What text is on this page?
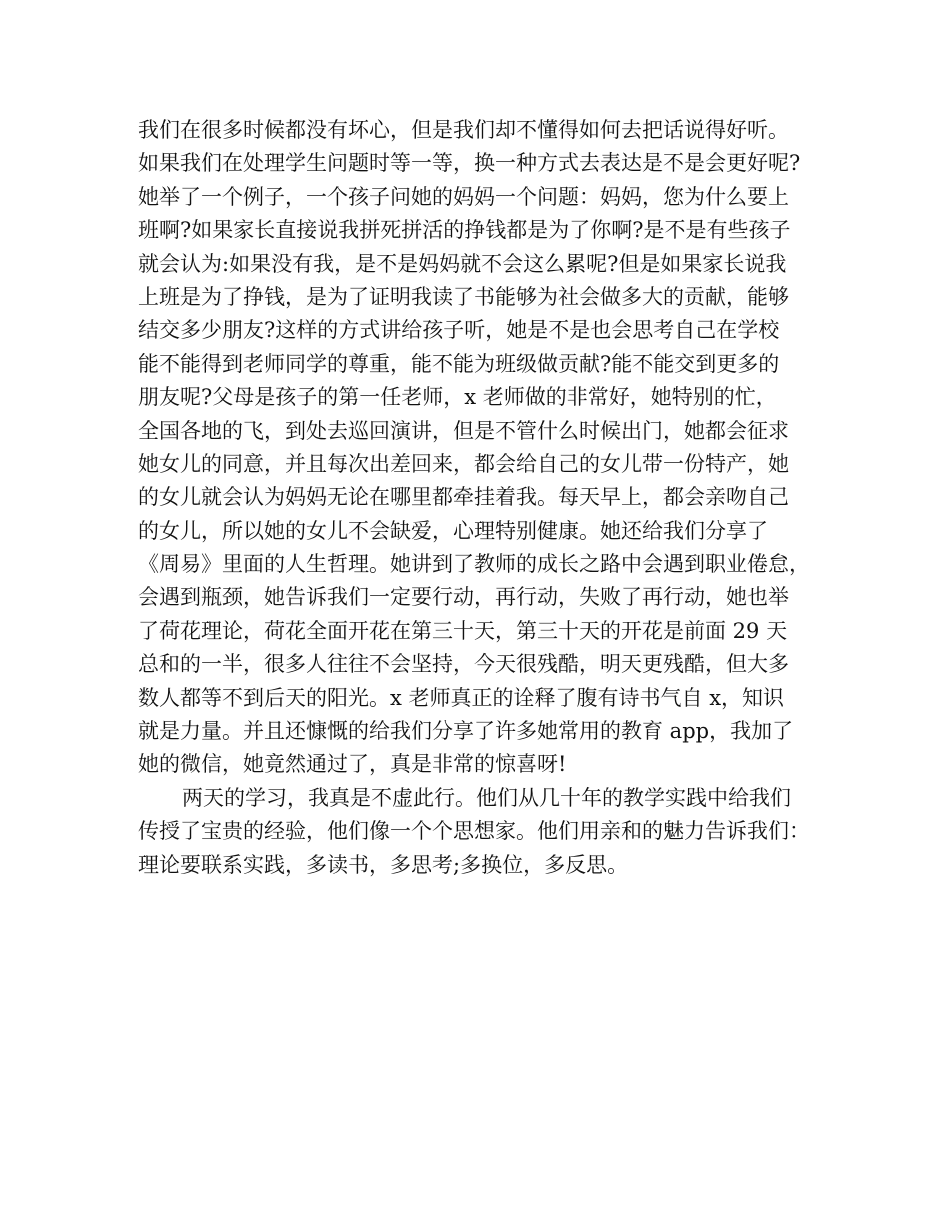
我们在很多时候都没有坏心，但是我们却不懂得如何去把话说得好听。
如果我们在处理学生问题时等一等，换一种方式去表达是不是会更好呢?
她举了一个例子，一个孩子问她的妈妈一个问题：妈妈，您为什么要上
班啊?如果家长直接说我拼死拼活的挣钱都是为了你啊?是不是有些孩子
就会认为:如果没有我，是不是妈妈就不会这么累呢?但是如果家长说我
上班是为了挣钱，是为了证明我读了书能够为社会做多大的贡献，能够
结交多少朋友?这样的方式讲给孩子听，她是不是也会思考自己在学校
能不能得到老师同学的尊重，能不能为班级做贡献?能不能交到更多的
朋友呢?父母是孩子的第一任老师，x 老师做的非常好，她特别的忙，
全国各地的飞，到处去巡回演讲，但是不管什么时候出门，她都会征求
她女儿的同意，并且每次出差回来，都会给自己的女儿带一份特产，她
的女儿就会认为妈妈无论在哪里都牵挂着我。每天早上，都会亲吻自己
的女儿，所以她的女儿不会缺爱，心理特别健康。她还给我们分享了
《周易》里面的人生哲理。她讲到了教师的成长之路中会遇到职业倦怠，
会遇到瓶颈，她告诉我们一定要行动，再行动，失败了再行动，她也举
了荷花理论，荷花全面开花在第三十天，第三十天的开花是前面 29 天
总和的一半，很多人往往不会坚持，今天很残酷，明天更残酷，但大多
数人都等不到后天的阳光。x 老师真正的诠释了腹有诗书气自 x，知识
就是力量。并且还慷慨的给我们分享了许多她常用的教育 app，我加了
她的微信，她竟然通过了，真是非常的惊喜呀!
两天的学习，我真是不虚此行。他们从几十年的教学实践中给我们
传授了宝贵的经验，他们像一个个思想家。他们用亲和的魅力告诉我们：
理论要联系实践，多读书，多思考;多换位，多反思。
